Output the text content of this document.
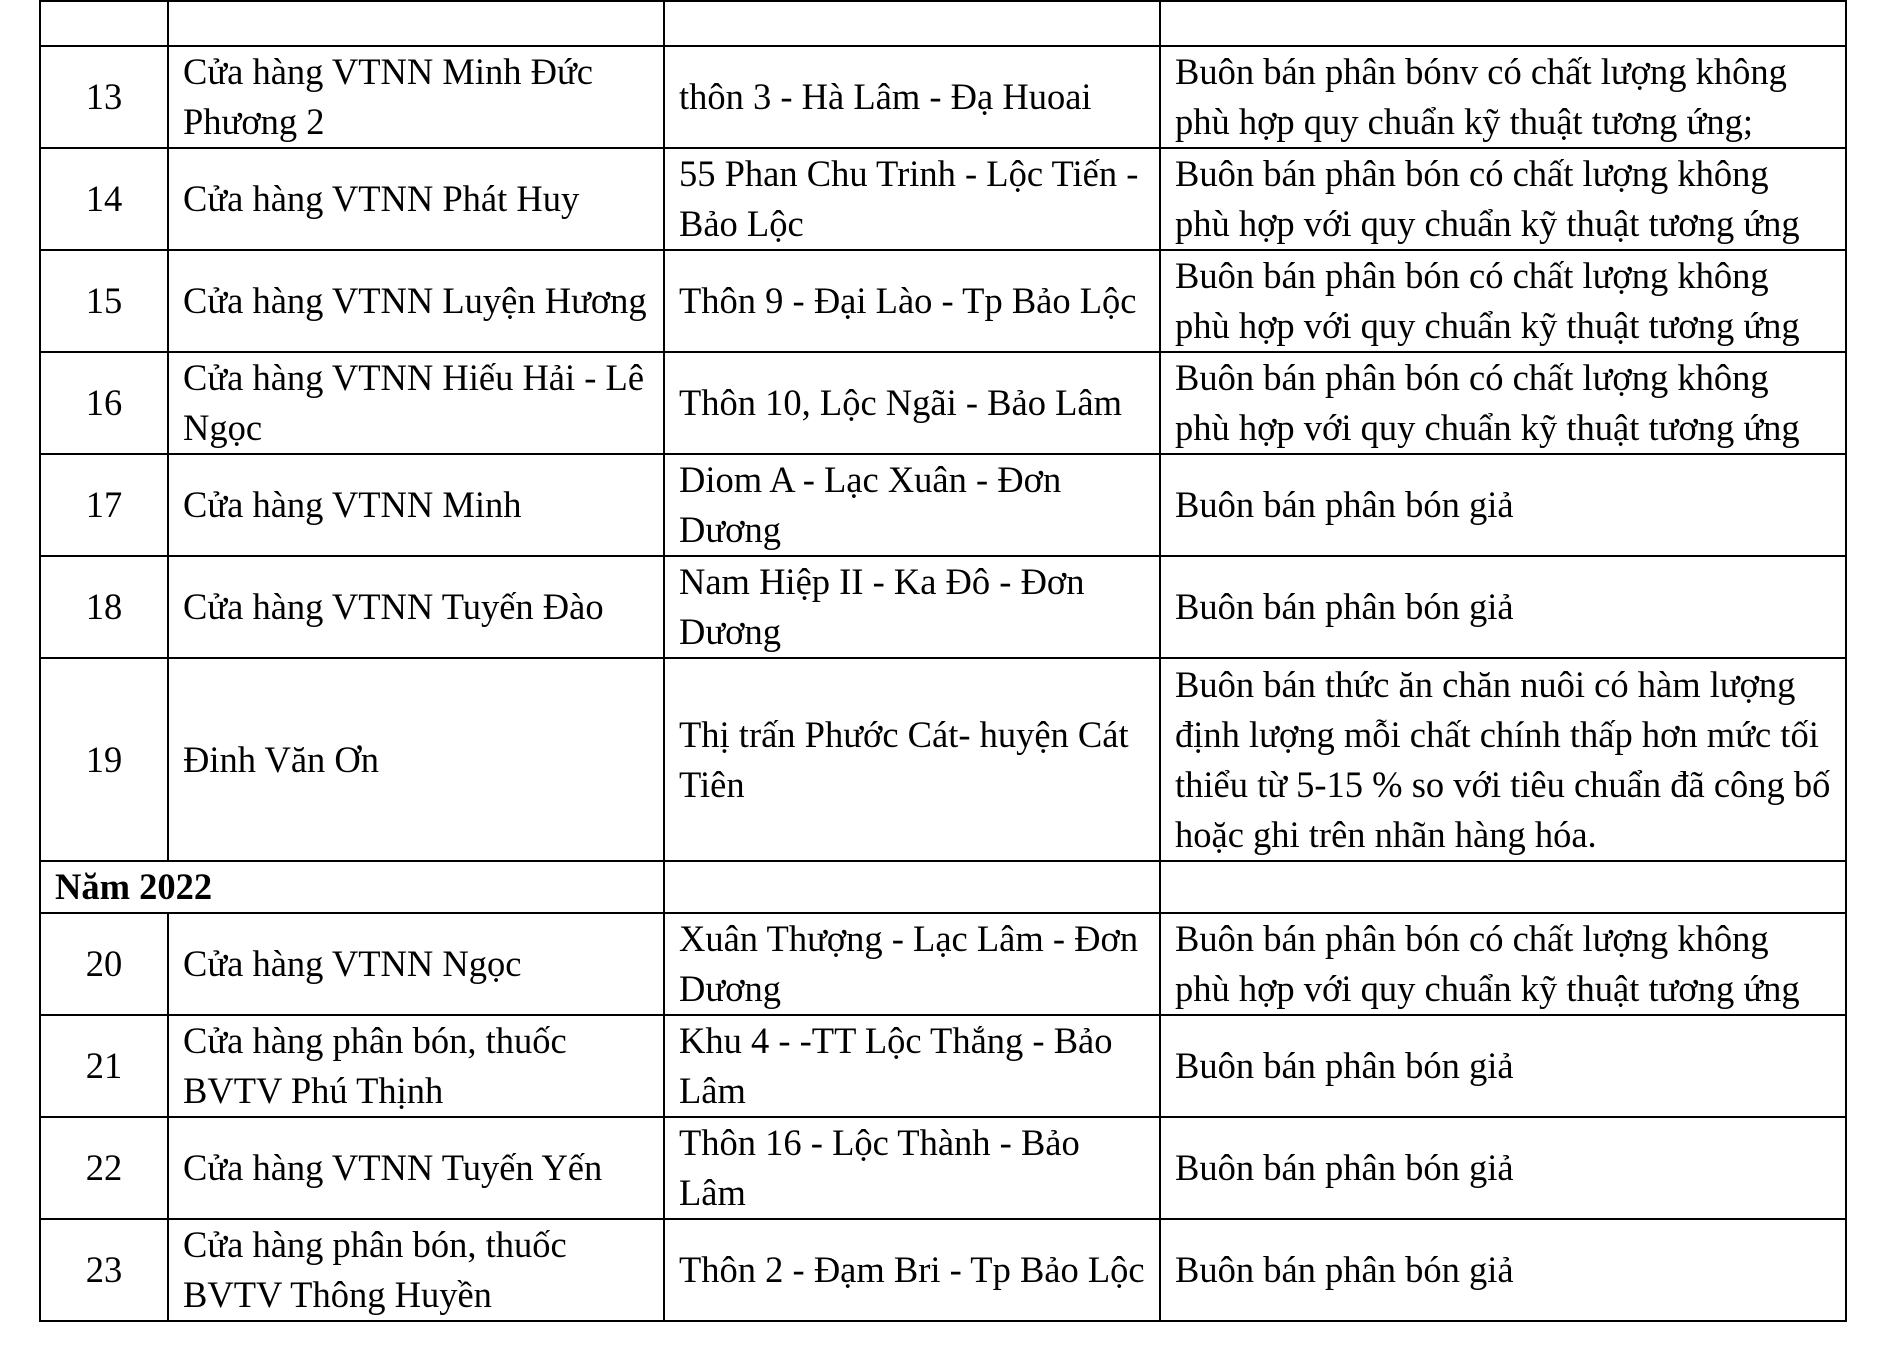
13	Cửa hàng VTNN Minh Đức Phương 2	thôn 3 - Hà Lâm - Đạ Huoai	Buôn bán phân bónv có chất lượng không phù hợp quy chuẩn kỹ thuật tương ứng;
14	Cửa hàng VTNN Phát Huy	55 Phan Chu Trinh - Lộc Tiến - Bảo Lộc	Buôn bán phân bón có chất lượng không phù hợp với quy chuẩn kỹ thuật tương ứng
15	Cửa hàng VTNN Luyện Hương	Thôn 9 - Đại Lào - Tp Bảo Lộc	Buôn bán phân bón có chất lượng không phù hợp với quy chuẩn kỹ thuật tương ứng
16	Cửa hàng VTNN Hiếu Hải - Lê Ngọc	Thôn 10, Lộc Ngãi - Bảo Lâm	Buôn bán phân bón có chất lượng không phù hợp với quy chuẩn kỹ thuật tương ứng
17	Cửa hàng VTNN Minh	Diom A - Lạc Xuân - Đơn Dương	Buôn bán phân bón giả
18	Cửa hàng VTNN Tuyến Đào	Nam Hiệp II - Ka Đô - Đơn Dương	Buôn bán phân bón giả
19	Đinh Văn Ơn	Thị trấn Phước Cát- huyện Cát Tiên	Buôn bán thức ăn chăn nuôi có hàm lượng định lượng mỗi chất chính thấp hơn mức tối thiểu từ 5-15 % so với tiêu chuẩn đã công bố hoặc ghi trên nhãn hàng hóa.
Năm 2022			
20	Cửa hàng VTNN Ngọc	Xuân Thượng - Lạc Lâm - Đơn Dương	Buôn bán phân bón có chất lượng không phù hợp với quy chuẩn kỹ thuật tương ứng
21	Cửa hàng phân bón, thuốc BVTV Phú Thịnh	Khu 4 - -TT Lộc Thắng - Bảo Lâm	Buôn bán phân bón giả
22	Cửa hàng VTNN Tuyến Yến	Thôn 16 - Lộc Thành - Bảo Lâm	Buôn bán phân bón giả
23	Cửa hàng phân bón, thuốc BVTV Thông Huyền	Thôn 2 - Đạm Bri - Tp Bảo Lộc	Buôn bán phân bón giả
